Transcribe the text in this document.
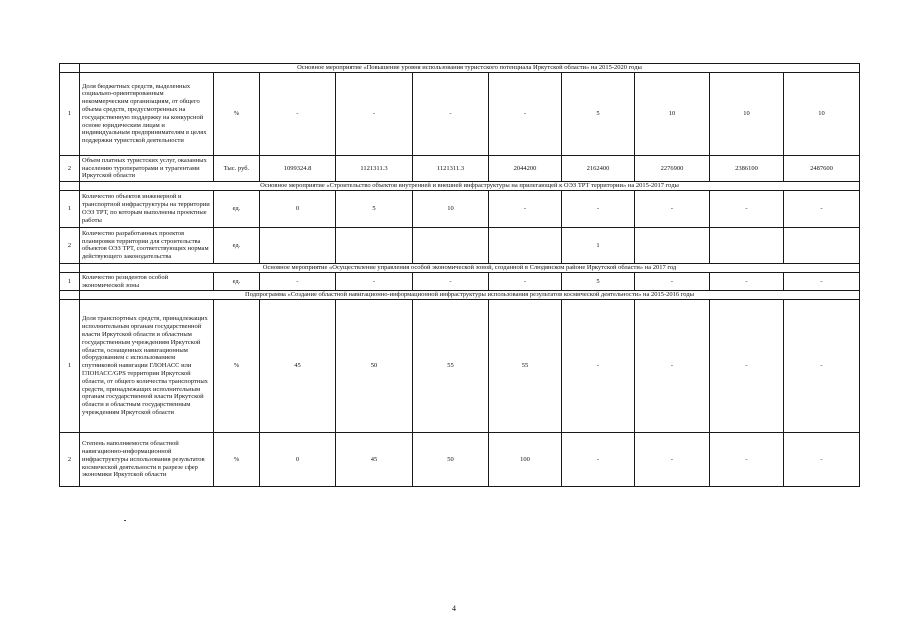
	Основное мероприятие «Повышение уровня использования туристского потенциала Иркутской области» на 2015-2020 годы									
1	Доля бюджетных средств, выделенных социально-ориентированным некоммерческим организациям, от общего объема средств, предусмотренных на государственную поддержку на конкурсной основе юридическим лицам и индивидуальным предпринимателям в целях поддержки туристской деятельности	%	-	-	-	-	5	10	10	10
2	Объем платных туристских услуг, оказанных населению туроператорами и турагентами Иркутской области	Тыс. руб.	1099324.8	1121311.3	1121311.3	2044200	2162400	2276900	2386100	2487600
	Основное мероприятие «Строительство объектов внутренней и внешней инфраструктуры на прилегающей к ОЭЗ ТРТ территории» на 2015-2017 годы									
1	Количество объектов инженерной и транспортной инфраструктуры на территории ОЭЗ ТРТ, по которым выполнены проектные работы	ед.	0	5	10	-	-	-	-	-
2	Количество разработанных проектов планировки территории для строительства объектов ОЭЗ ТРТ, соответствующих нормам действующего законодательства	ед.					1			
	Основное мероприятие «Осуществление управления особой экономической зоной, созданной в Слюдянском районе Иркутской области» на 2017 год									
1	Количество резидентов особой экономической зоны	ед.	-	-	-	-	5	-	-	-
	Подпрограмма «Создание областной навигационно-информационной инфраструктуры использования результатов космической деятельности» на 2015-2016 годы									
1	Доля транспортных средств, принадлежащих исполнительным органам государственной власти Иркутской области и областным государственным учреждениям Иркутской области, оснащенных навигационным оборудованием с использованием спутниковой навигации ГЛОНАСС или ГЛОНАСС/GPS территории Иркутской области, от общего количества транспортных средств, принадлежащих исполнительным органам государственной власти Иркутской области и областным государственным учреждениям Иркутской области	%	45	50	55	55	-	-	-	-
2	Степень наполняемости областной навигационно-информационной инфраструктуры использования результатов космической деятельности в разрезе сфер экономики Иркутской области	%	0	45	50	100	-	-	-	-
4
